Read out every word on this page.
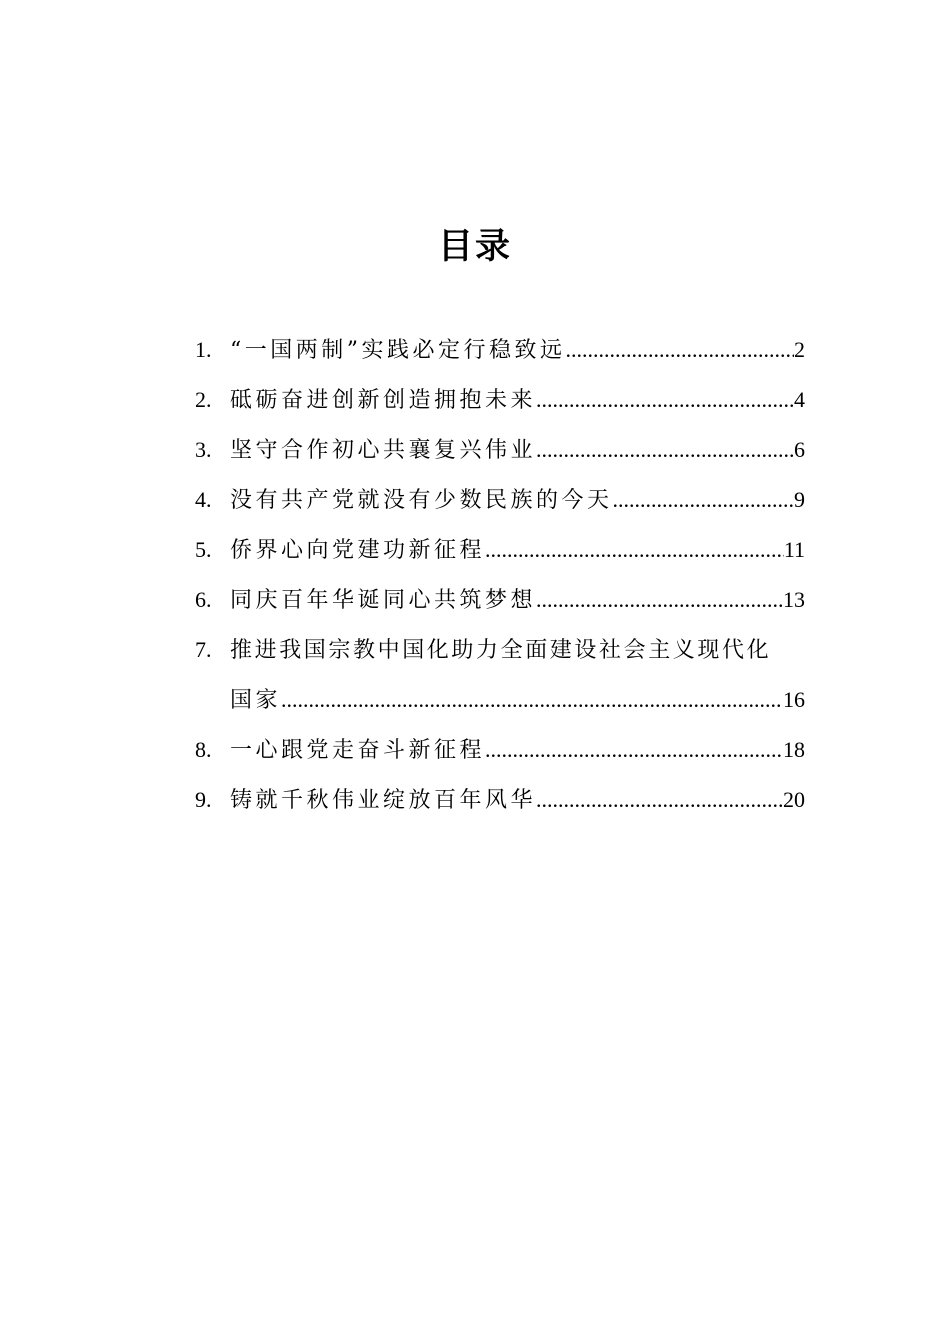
目录
1. “一国两制”实践必定行稳致远 .....	2
2. 砥砺奋进创新创造拥抱未来 .....	4
3. 坚守合作初心共襄复兴伟业 .....	6
4. 没有共产党就没有少数民族的今天 .....	9
5. 侨界心向党建功新征程 .....	11
6. 同庆百年华诞同心共筑梦想 .....	13
7. 推进我国宗教中国化助力全面建设社会主义现代化
国家 .....	16
8. 一心跟党走奋斗新征程 .....	18
9. 铸就千秋伟业绽放百年风华 .....	20
